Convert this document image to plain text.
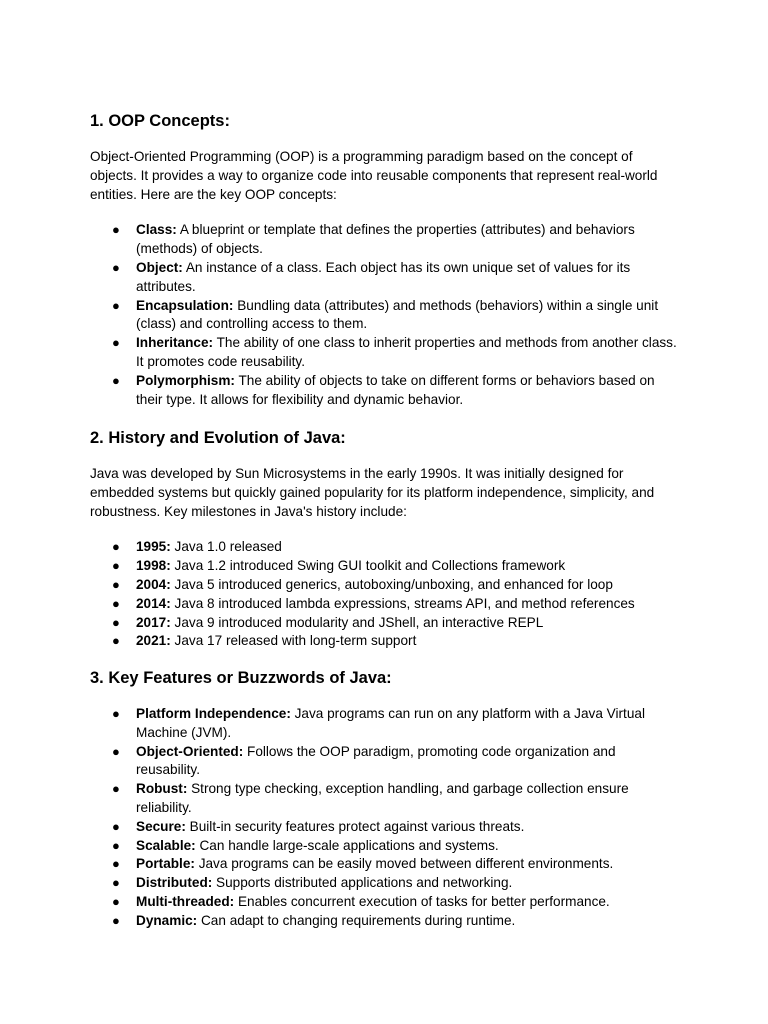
1. OOP Concepts:

Object-Oriented Programming (OOP) is a programming paradigm based on the concept of objects. It provides a way to organize code into reusable components that represent real-world entities. Here are the key OOP concepts:

● Class: A blueprint or template that defines the properties (attributes) and behaviors (methods) of objects.
● Object: An instance of a class. Each object has its own unique set of values for its attributes.
● Encapsulation: Bundling data (attributes) and methods (behaviors) within a single unit (class) and controlling access to them.
● Inheritance: The ability of one class to inherit properties and methods from another class. It promotes code reusability.
● Polymorphism: The ability of objects to take on different forms or behaviors based on their type. It allows for flexibility and dynamic behavior.
2. History and Evolution of Java:

Java was developed by Sun Microsystems in the early 1990s. It was initially designed for embedded systems but quickly gained popularity for its platform independence, simplicity, and robustness. Key milestones in Java's history include:

● 1995: Java 1.0 released
● 1998: Java 1.2 introduced Swing GUI toolkit and Collections framework
● 2004: Java 5 introduced generics, autoboxing/unboxing, and enhanced for loop
● 2014: Java 8 introduced lambda expressions, streams API, and method references
● 2017: Java 9 introduced modularity and JShell, an interactive REPL
● 2021: Java 17 released with long-term support
3. Key Features or Buzzwords of Java:
● Platform Independence: Java programs can run on any platform with a Java Virtual Machine (JVM).
● Object-Oriented: Follows the OOP paradigm, promoting code organization and reusability.
● Robust: Strong type checking, exception handling, and garbage collection ensure reliability.
● Secure: Built-in security features protect against various threats.
● Scalable: Can handle large-scale applications and systems.
● Portable: Java programs can be easily moved between different environments.
● Distributed: Supports distributed applications and networking.
● Multi-threaded: Enables concurrent execution of tasks for better performance.
● Dynamic: Can adapt to changing requirements during runtime.
